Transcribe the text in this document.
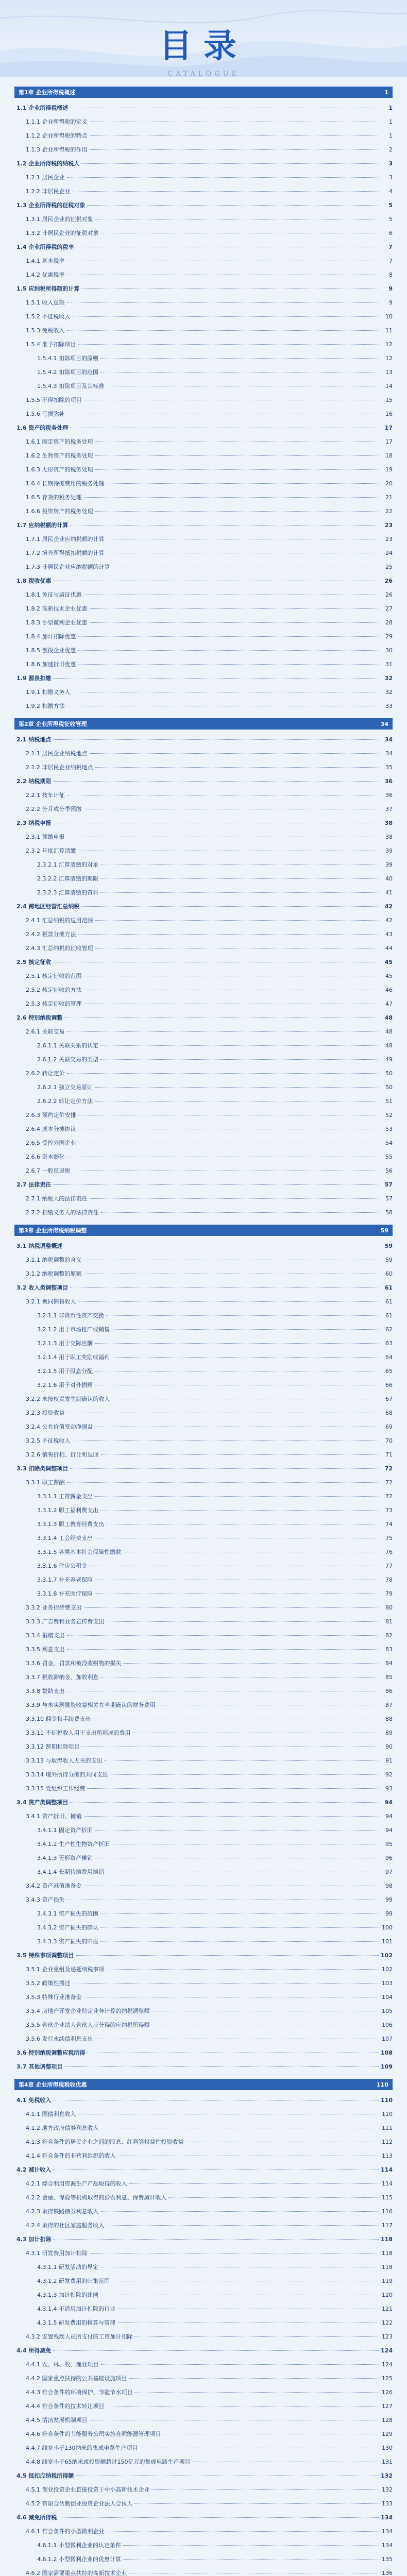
目录
CATALOGUE
第1章 企业所得税概述	1
1.1 企业所得税概述	1
1.1.1 企业所得税的定义	1
1.1.2 企业所得税的特点	1
1.1.3 企业所得税的作用	2
1.2 企业所得税的纳税人	3
1.2.1 居民企业	3
1.2.2 非居民企业	4
1.3 企业所得税的征税对象	5
1.3.1 居民企业的征税对象	5
1.3.2 非居民企业的征税对象	6
1.4 企业所得税的税率	7
1.4.1 基本税率	7
1.4.2 优惠税率	8
1.5 应纳税所得额的计算	9
1.5.1 收入总额	9
1.5.2 不征税收入	10
1.5.3 免税收入	11
1.5.4 准予扣除项目	12
1.5.4.1 扣除项目的原则	12
1.5.4.2 扣除项目的范围	13
1.5.4.3 扣除项目及其标准	14
1.5.5 不得扣除的项目	15
1.5.6 亏损弥补	16
1.6 资产的税务处理	17
1.6.1 固定资产的税务处理	17
1.6.2 生物资产的税务处理	18
1.6.3 无形资产的税务处理	19
1.6.4 长期待摊费用的税务处理	20
1.6.5 存货的税务处理	21
1.6.6 投资资产的税务处理	22
1.7 应纳税额的计算	23
1.7.1 居民企业应纳税额的计算	23
1.7.2 境外所得抵扣税额的计算	24
1.7.3 非居民企业应纳税额的计算	25
1.8 税收优惠	26
1.8.1 免征与减征优惠	26
1.8.2 高新技术企业优惠	27
1.8.3 小型微利企业优惠	28
1.8.4 加计扣除优惠	29
1.8.5 创投企业优惠	30
1.8.6 加速折旧优惠	31
1.9 源泉扣缴	32
1.9.1 扣缴义务人	32
1.9.2 扣缴方法	33
第2章 企业所得税征收管理	34
2.1 纳税地点	34
2.1.1 居民企业纳税地点	34
2.1.2 非居民企业纳税地点	35
2.2 纳税期限	36
2.2.1 按年计征	36
2.2.2 分月或分季预缴	37
2.3 纳税申报	38
2.3.1 预缴申报	38
2.3.2 年度汇算清缴	39
2.3.2.1 汇算清缴的对象	39
2.3.2.2 汇算清缴的期限	40
2.3.2.3 汇算清缴的资料	41
2.4 跨地区经营汇总纳税	42
2.4.1 汇总纳税的适用范围	42
2.4.2 税款分摊方法	43
2.4.3 汇总纳税的征收管理	44
2.5 核定征收	45
2.5.1 核定征收的范围	45
2.5.2 核定征收的方法	46
2.5.3 核定征收的管理	47
2.6 特别纳税调整	48
2.6.1 关联交易	48
2.6.1.1 关联关系的认定	48
2.6.1.2 关联交易的类型	49
2.6.2 转让定价	50
2.6.2.1 独立交易原则	50
2.6.2.2 转让定价方法	51
2.6.3 预约定价安排	52
2.6.4 成本分摊协议	53
2.6.5 受控外国企业	54
2.6.6 资本弱化	55
2.6.7 一般反避税	56
2.7 法律责任	57
2.7.1 纳税人的法律责任	57
2.7.2 扣缴义务人的法律责任	58
第3章 企业所得税纳税调整	59
3.1 纳税调整概述	59
3.1.1 纳税调整的含义	59
3.1.2 纳税调整的原则	60
3.2 收入类调整项目	61
3.2.1 视同销售收入	61
3.2.1.1 非货币性资产交换	61
3.2.1.2 用于市场推广或销售	62
3.2.1.3 用于交际应酬	63
3.2.1.4 用于职工奖励或福利	64
3.2.1.5 用于股息分配	65
3.2.1.6 用于对外捐赠	66
3.2.2 未按权责发生制确认的收入	67
3.2.3 投资收益	68
3.2.4 公允价值变动净损益	69
3.2.5 不征税收入	70
3.2.6 销售折扣、折让和退回	71
3.3 扣除类调整项目	72
3.3.1 职工薪酬	72
3.3.1.1 工资薪金支出	72
3.3.1.2 职工福利费支出	73
3.3.1.3 职工教育经费支出	74
3.3.1.4 工会经费支出	75
3.3.1.5 各类基本社会保障性缴款	76
3.3.1.6 住房公积金	77
3.3.1.7 补充养老保险	78
3.3.1.8 补充医疗保险	79
3.3.2 业务招待费支出	80
3.3.3 广告费和业务宣传费支出	81
3.3.4 捐赠支出	82
3.3.5 利息支出	83
3.3.6 罚金、罚款和被没收财物的损失	84
3.3.7 税收滞纳金、加收利息	85
3.3.8 赞助支出	86
3.3.9 与未实现融资收益相关在当期确认的财务费用	87
3.3.10 佣金和手续费支出	88
3.3.11 不征税收入用于支出所形成的费用	89
3.3.12 跨期扣除项目	90
3.3.13 与取得收入无关的支出	91
3.3.14 境外所得分摊的共同支出	92
3.3.15 党组织工作经费	93
3.4 资产类调整项目	94
3.4.1 资产折旧、摊销	94
3.4.1.1 固定资产折旧	94
3.4.1.2 生产性生物资产折旧	95
3.4.1.3 无形资产摊销	96
3.4.1.4 长期待摊费用摊销	97
3.4.2 资产减值准备金	98
3.4.3 资产损失	99
3.4.3.1 资产损失的范围	99
3.4.3.2 资产损失的确认	100
3.4.3.3 资产损失的申报	101
3.5 特殊事项调整项目	102
3.5.1 企业重组及递延纳税事项	102
3.5.2 政策性搬迁	103
3.5.3 特殊行业准备金	104
3.5.4 房地产开发企业特定业务计算的纳税调整额	105
3.5.5 合伙企业法人合伙人应分得的应纳税所得额	106
3.5.6 发行永续债利息支出	107
3.6 特别纳税调整应税所得	108
3.7 其他调整项目	109
第4章 企业所得税税收优惠	110
4.1 免税收入	110
4.1.1 国债利息收入	110
4.1.2 地方政府债券利息收入	111
4.1.3 符合条件的居民企业之间的股息、红利等权益性投资收益	112
4.1.4 符合条件的非营利组织的收入	113
4.2 减计收入	114
4.2.1 综合利用资源生产产品取得的收入	114
4.2.2 金融、保险等机构取得的涉农利息、保费减计收入	115
4.2.3 取得铁路债券利息收入	116
4.2.4 取得的社区家庭服务收入	117
4.3 加计扣除	118
4.3.1 研发费用加计扣除	118
4.3.1.1 研发活动的界定	118
4.3.1.2 研发费用的归集范围	119
4.3.1.3 加计扣除的比例	120
4.3.1.4 不适用加计扣除的行业	121
4.3.1.5 研发费用的核算与管理	122
4.3.2 安置残疾人员所支付的工资加计扣除	123
4.4 所得减免	124
4.4.1 农、林、牧、渔业项目	124
4.4.2 国家重点扶持的公共基础设施项目	125
4.4.3 符合条件的环境保护、节能节水项目	126
4.4.4 符合条件的技术转让项目	127
4.4.5 清洁发展机制项目	128
4.4.6 符合条件的节能服务公司实施合同能源管理项目	129
4.4.7 线宽小于130纳米的集成电路生产项目	130
4.4.8 线宽小于65纳米或投资额超过150亿元的集成电路生产项目	131
4.5 抵扣应纳税所得额	132
4.5.1 创业投资企业直接投资于中小高新技术企业	132
4.5.2 有限合伙制创业投资企业法人合伙人	133
4.6 减免所得税	134
4.6.1 符合条件的小型微利企业	134
4.6.1.1 小型微利企业的认定条件	134
4.6.1.2 小型微利企业的优惠计算	135
4.6.2 国家需要重点扶持的高新技术企业	136
